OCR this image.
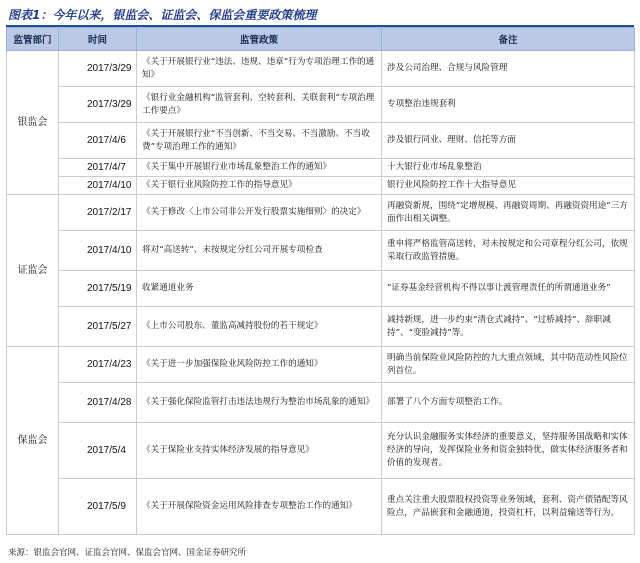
图表1：今年以来，银监会、证监会、保监会重要政策梳理
监管部门	时间	监管政策	备注
银监会	2017/3/29	《关于开展银行业“违法、违规、违章”行为专项治理工作的通知》	涉及公司治理、合规与风险管理
	2017/3/29	《银行业金融机构“监管套利、空转套利、关联套利”专项治理工作要点》	专项整治违规套利
	2017/4/6	《关于开展银行业“不当创新、不当交易、不当激励、不当收费”专项治理工作的通知》	涉及银行同业、理财、信托等方面
	2017/4/7	《关于集中开展银行业市场乱象整治工作的通知》	十大银行业市场乱象整治
	2017/4/10	《关于银行业风险防控工作的指导意见》	银行业风险防控工作十大指导意见
证监会	2017/2/17	《关于修改〈上市公司非公开发行股票实施细则〉的决定》	再融资新规，围绕“定增规模、再融资周期、再融资资用途”三方面作出相关调整。
	2017/4/10	将对“高送转”、未按规定分红公司开展专项检查	重申将严格监管高送转，对未按规定和公司章程分红公司，依规采取行政监管措施。
	2017/5/19	收紧通道业务	“证券基金经营机构不得以事让渡管理责任的所谓通道业务”
	2017/5/27	《上市公司股东、董监高减持股份的若干规定》	减持新规，进一步约束“清仓式减持”、“过桥减持”、辞职减持”、“变脸减持”等。
保监会	2017/4/23	《关于进一步加强保险业风险防控工作的通知》	明确当前保险业风险防控的九大重点领域，其中防范动性风险位列首位。
	2017/4/28	《关于强化保险监管打击违法违规行为整治市场乱象的通知》	部署了八个方面专项整治工作。
	2017/5/4	《关于保险业支持实体经济发展的指导意见》	充分认识金融服务实体经济的重要意义，坚持服务国战略和实体经济的导向，发挥保险业务和资金独特优，做实体经济服务者和价值的发现者。
	2017/5/9	《关于开展保险资金运用风险排查专项整治工作的通知》	重点关注重大股票股权投资等业务领域，套利、资产债错配等风险点，产品嵌套和金融通道，投资杠杆，以利益输送等行为。
来源：银监会官网、证监会官网、保监会官网、国金证券研究所
